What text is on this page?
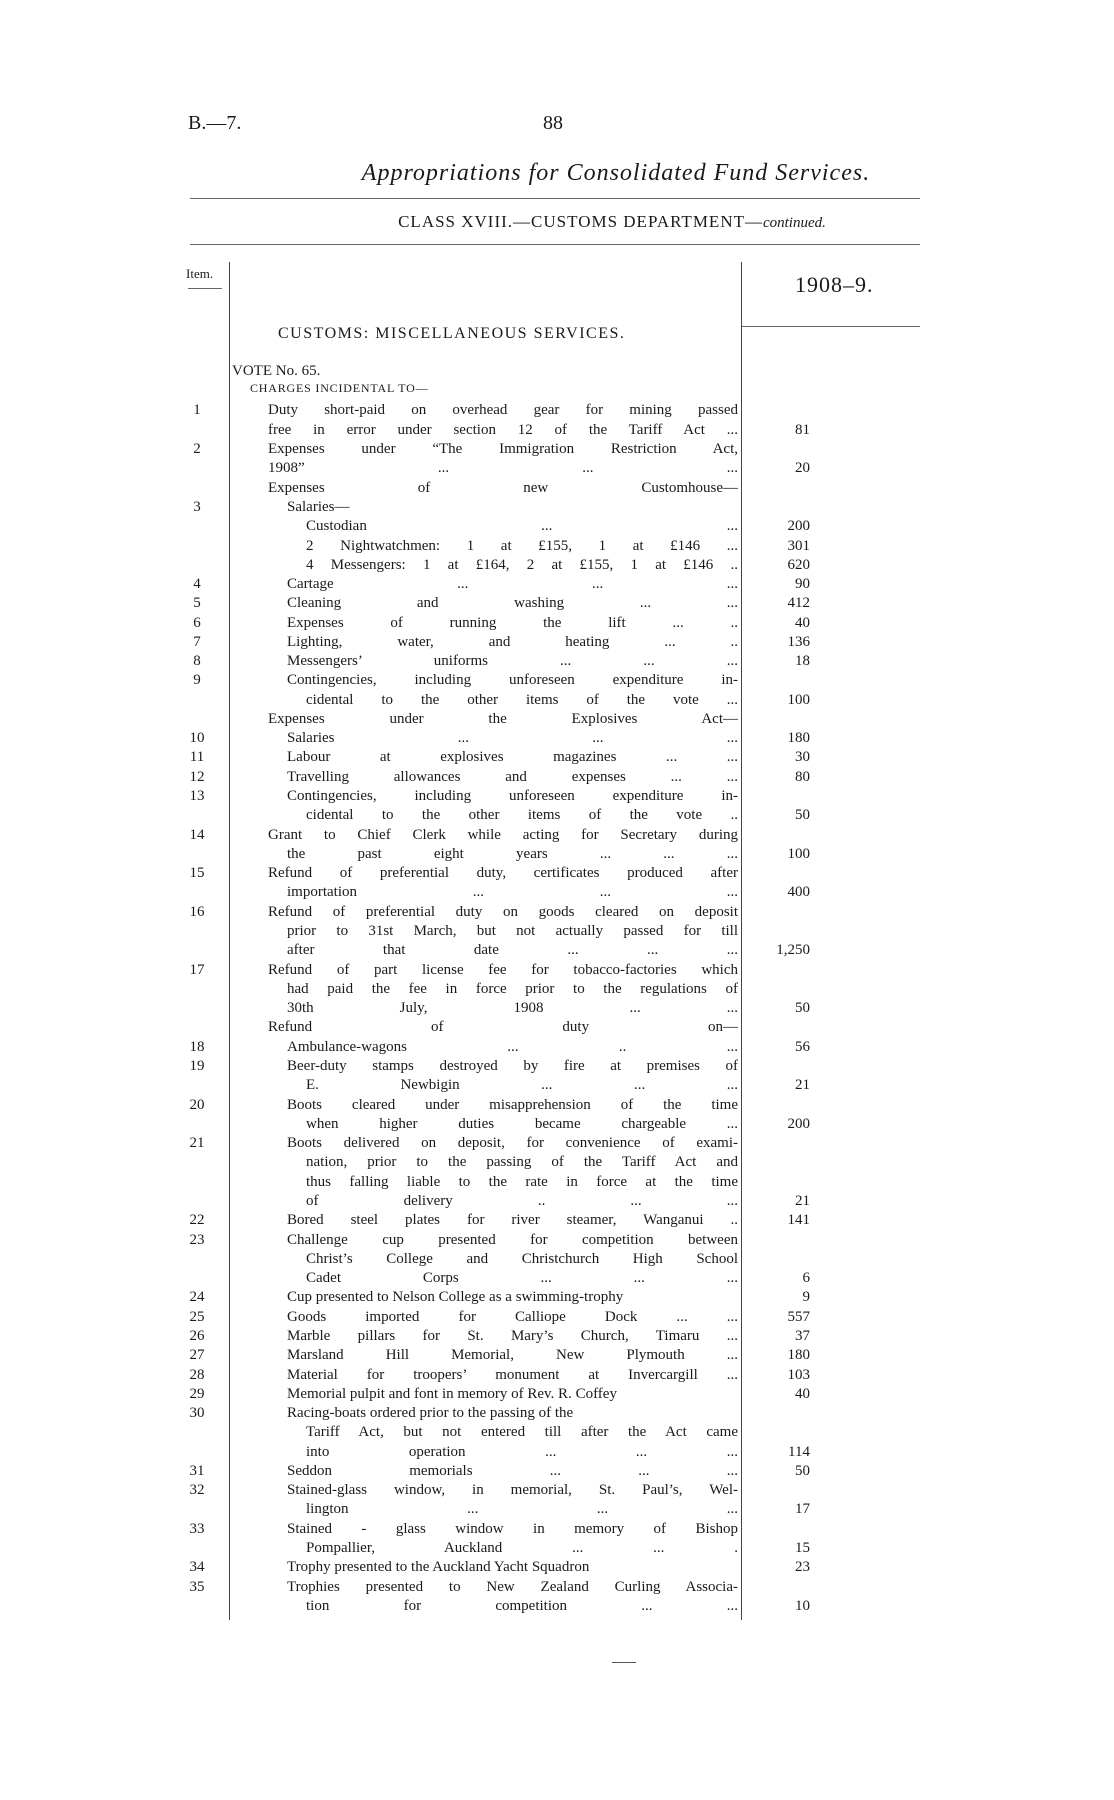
B.—7.	88
Appropriations for Consolidated Fund Services.
CLASS XVIII.—CUSTOMS DEPARTMENT—continued.
Item.	1908–9.
CUSTOMS: MISCELLANEOUS SERVICES.
VOTE No. 65.
CHARGES INCIDENTAL TO—
1	Duty short-paid on overhead gear for mining passed
free in error under section 12 of the Tariff Act ...	81
2	Expenses under “The Immigration Restriction Act,
1908” ... ... ...	20
Expenses of new Customhouse—
3	Salaries—
Custodian ... ...	200
2 Nightwatchmen: 1 at £155, 1 at £146 ...	301
4 Messengers: 1 at £164, 2 at £155, 1 at £146 ..	620
4	Cartage ... ... ...	90
5	Cleaning and washing ... ...	412
6	Expenses of running the lift ... ..	40
7	Lighting, water, and heating ... ..	136
8	Messengers’ uniforms ... ... ...	18
9	Contingencies, including unforeseen expenditure in-
cidental to the other items of the vote ...	100
Expenses under the Explosives Act—
10	Salaries ... ... ...	180
11	Labour at explosives magazines ... ...	30
12	Travelling allowances and expenses ... ...	80
13	Contingencies, including unforeseen expenditure in-
cidental to the other items of the vote ..	50
14	Grant to Chief Clerk while acting for Secretary during
the past eight years ... ... ...	100
15	Refund of preferential duty, certificates produced after
importation ... ... ...	400
16	Refund of preferential duty on goods cleared on deposit
prior to 31st March, but not actually passed for till
after that date ... ... ...	1,250
17	Refund of part license fee for tobacco-factories which
had paid the fee in force prior to the regulations of
30th July, 1908 ... ...	50
Refund of duty on—
18	Ambulance-wagons ... .. ...	56
19	Beer-duty stamps destroyed by fire at premises of
E. Newbigin ... ... ...	21
20	Boots cleared under misapprehension of the time
when higher duties became chargeable ...	200
21	Boots delivered on deposit, for convenience of exami-
nation, prior to the passing of the Tariff Act and
thus falling liable to the rate in force at the time
of delivery .. ... ...	21
22	Bored steel plates for river steamer, Wanganui ..	141
23	Challenge cup presented for competition between
Christ’s College and Christchurch High School
Cadet Corps ... ... ...	6
24	Cup presented to Nelson College as a swimming-trophy	9
25	Goods imported for Calliope Dock ... ...	557
26	Marble pillars for St. Mary’s Church, Timaru ...	37
27	Marsland Hill Memorial, New Plymouth ...	180
28	Material for troopers’ monument at Invercargill ...	103
29	Memorial pulpit and font in memory of Rev. R. Coffey	40
30	Racing-boats ordered prior to the passing of the
Tariff Act, but not entered till after the Act came
into operation ... ... ...	114
31	Seddon memorials ... ... ...	50
32	Stained-glass window, in memorial, St. Paul’s, Wel-
lington ... ... ...	17
33	Stained - glass window in memory of Bishop
Pompallier, Auckland ... ... .	15
34	Trophy presented to the Auckland Yacht Squadron	23
35	Trophies presented to New Zealand Curling Associa-
tion for competition ... ...	10
